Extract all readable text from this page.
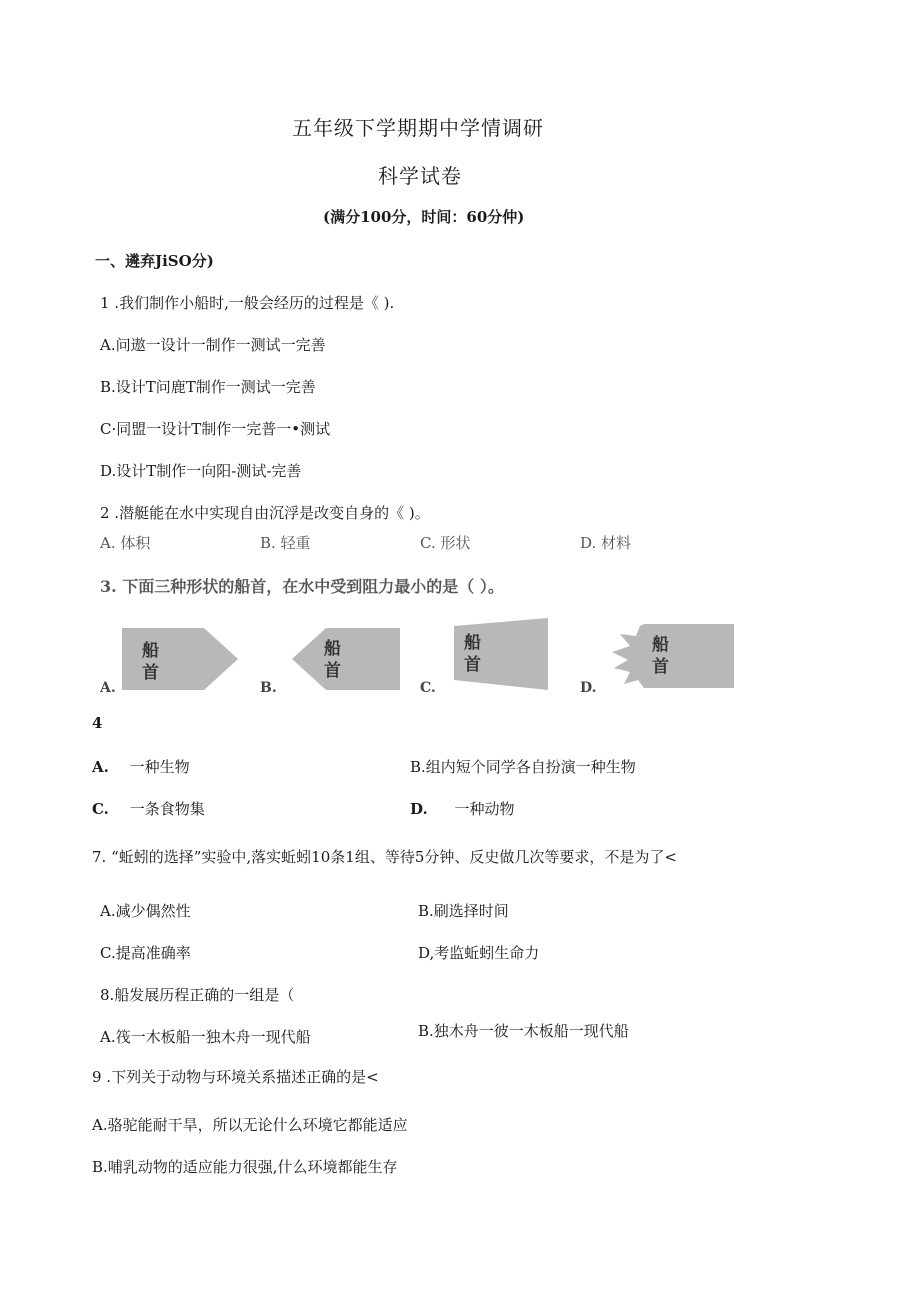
五年级下学期期中学情调研
科学试卷
(满分100分，时间：60分仲)
一、遴弃JiSO分)
1 .我们制作小船时,一般会经历的过程是《 ).
A.问遨一设计一制作一测试一完善
B.设计T问鹿T制作一测试一完善
C·同盟一设计T制作一完普一•测试
D.设计T制作一向阳-测试-完善
2 .潜艇能在水中实现自由沉浮是改变自身的《 )。
A. 体积	B. 轻重	C. 形状	D. 材料
3. 下面三种形状的船首，在水中受到阻力最小的是（ ）。
A.	B.	C.	D.
船
首
船
首
船
首
船
首
4
A. 一种生物	B.组内短个同学各自扮演一种生物
C. 一条食物集	D. 一种动物
7. “蚯蚓的选择”实验中,落实蚯蚓10条1组、等待5分钟、反史做几次等要求，不是为了<
A.减少偶然性	B.刷选择时间
C.提高准确率	D,考监蚯蚓生命力
8.船发展历程正确的一组是（
A.筏一木板船一独木舟一现代船	B.独木舟一彼一木板船一现代船
9 .下列关于动物与环境关系描述正确的是<
A.骆驼能耐干旱，所以无论什么环境它都能适应
B.哺乳动物的适应能力很强,什么环境都能生存
